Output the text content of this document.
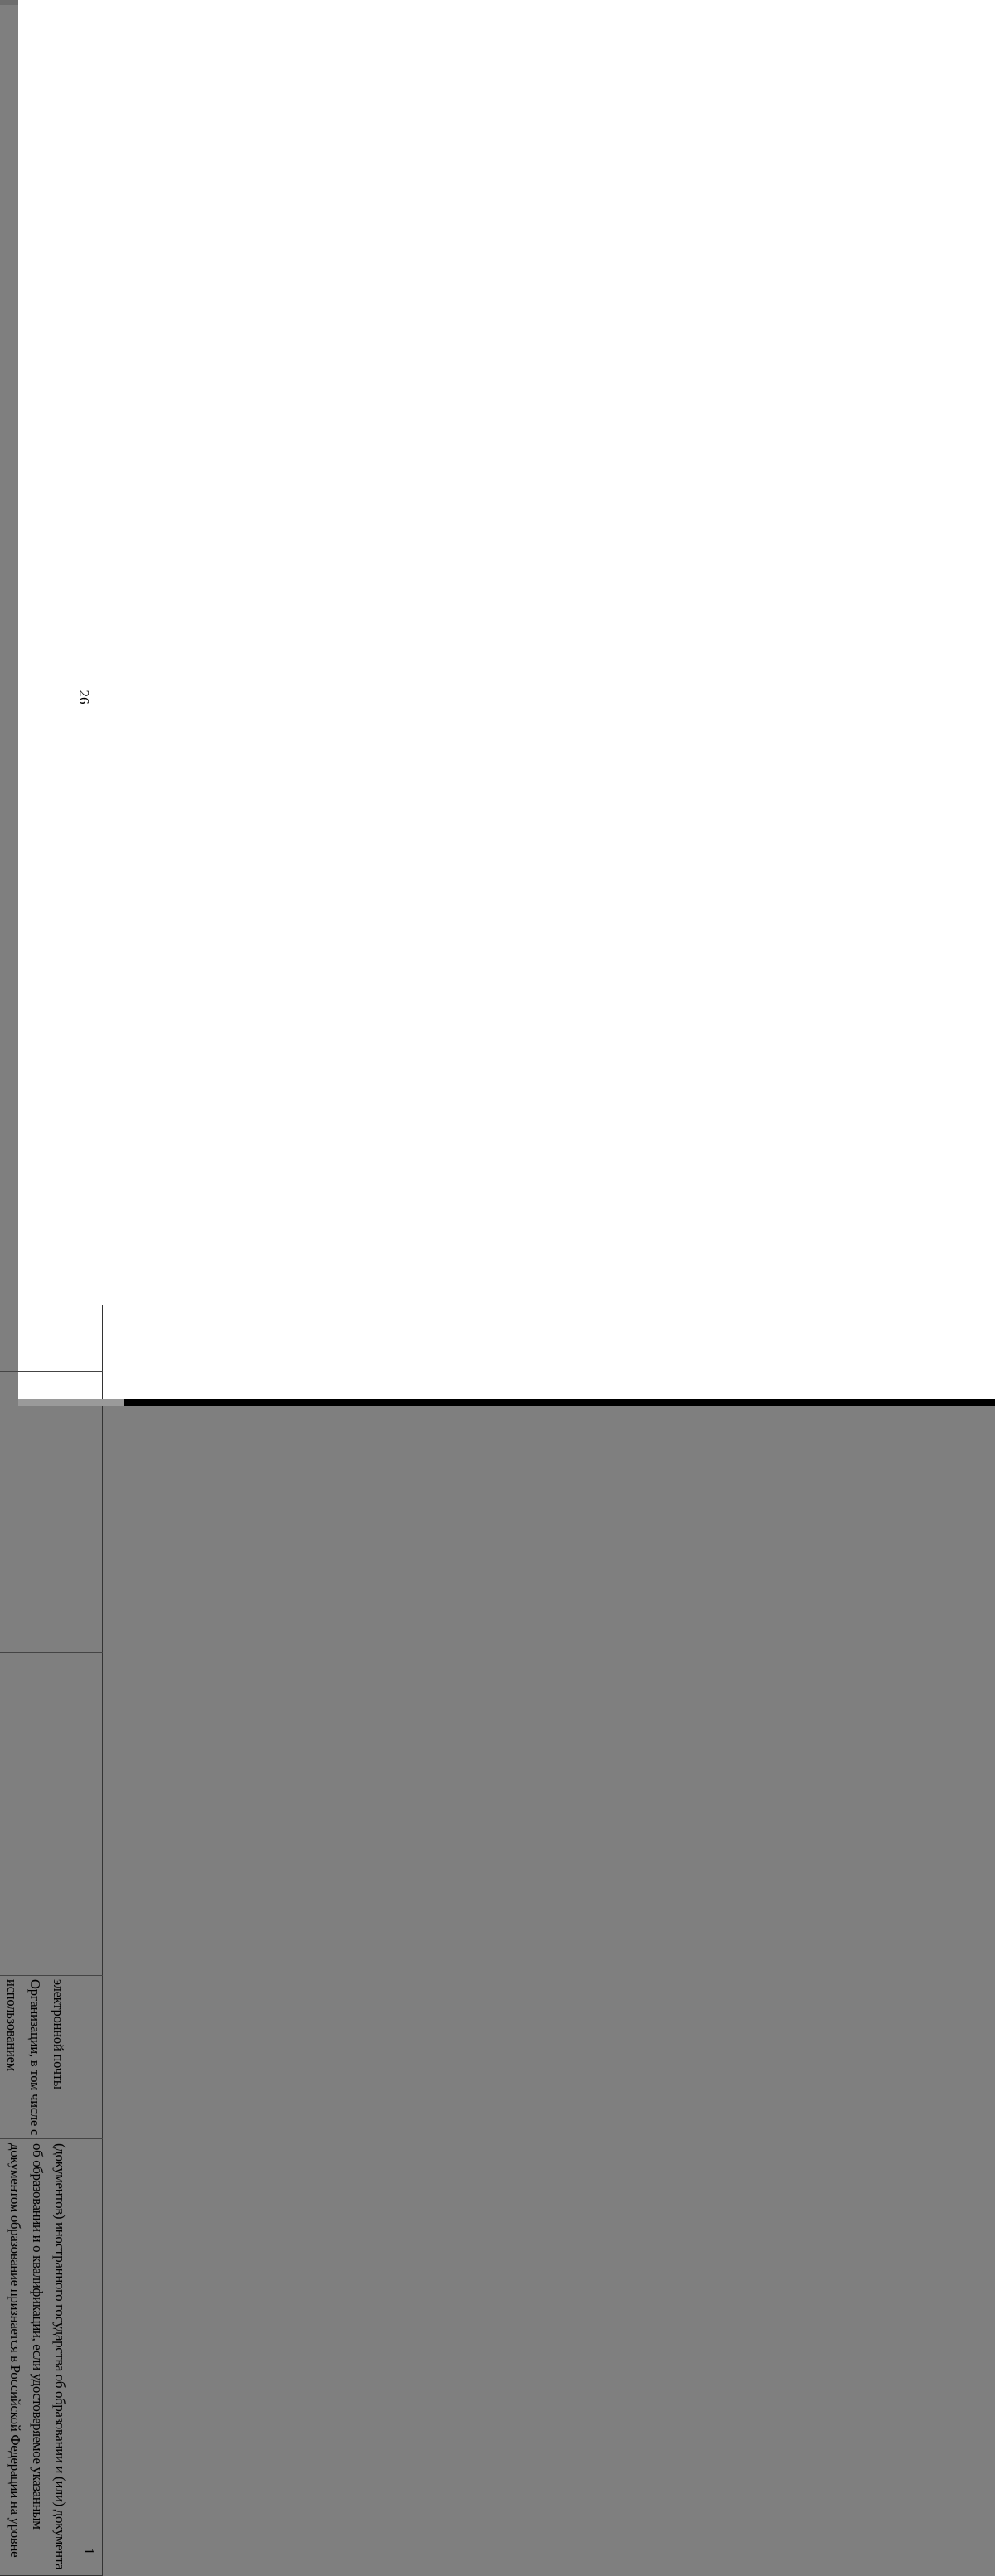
26
1
электронной почты Организации, в том числе с использованием
(документов) иностранного государства об образовании и (или) документа об образовании и о квалификации, если удостоверяемое указанным документом образование признается в Российской Федерации на уровне
